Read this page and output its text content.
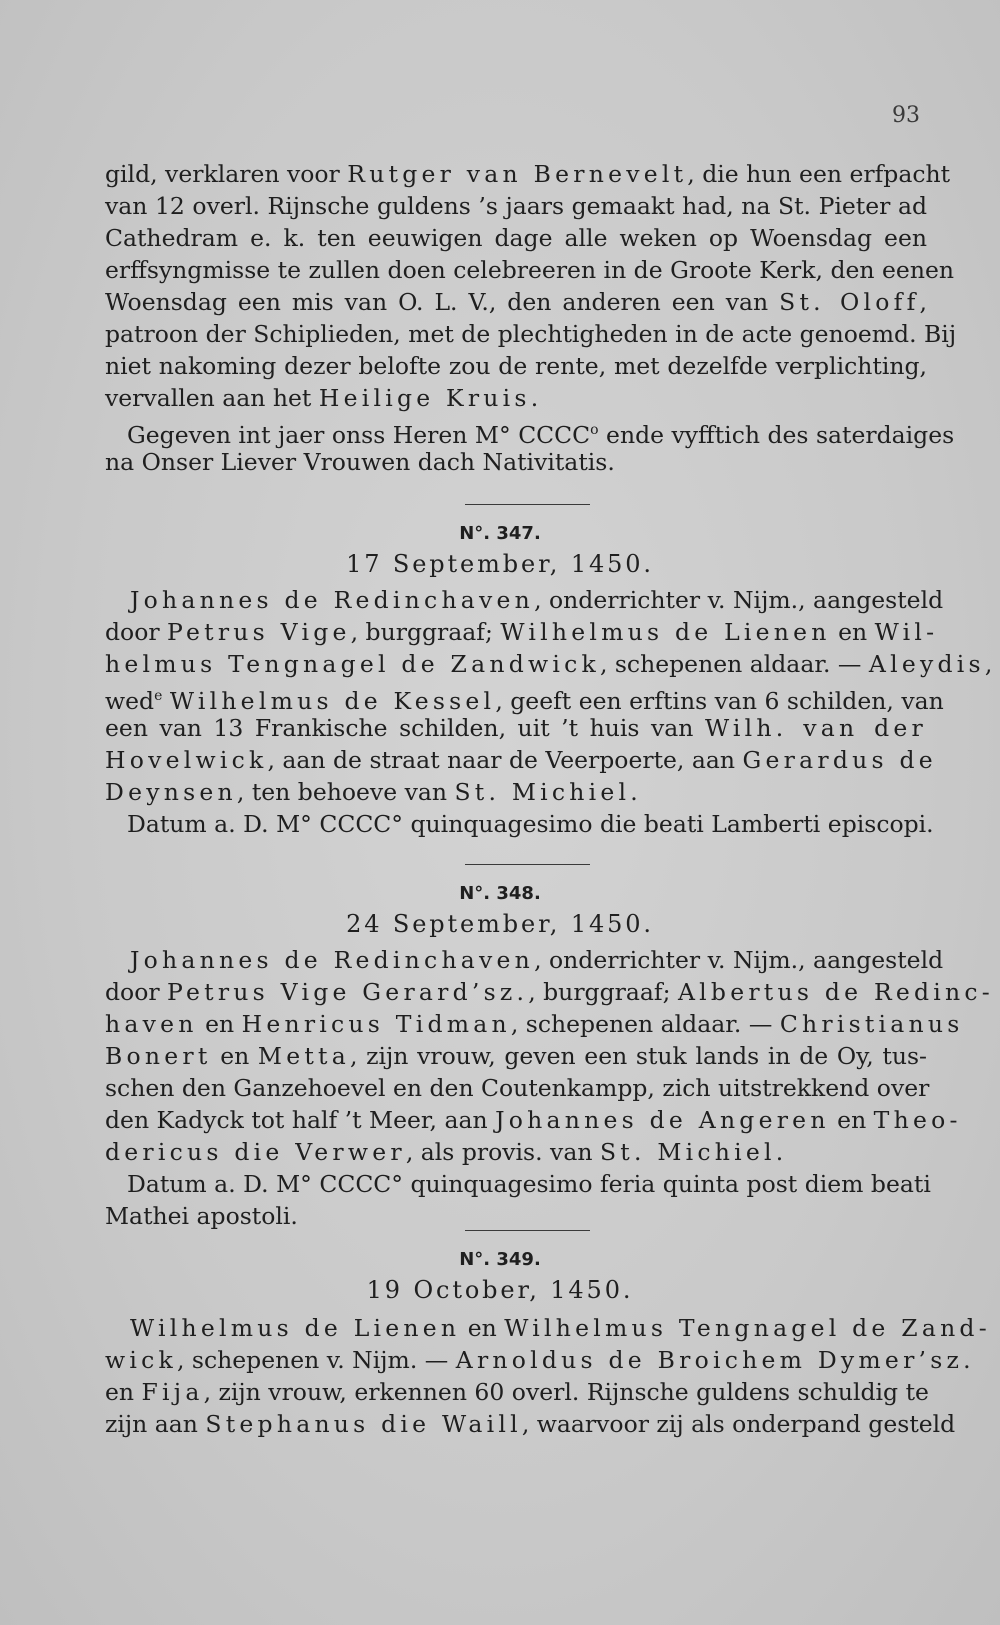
93
gild, verklaren voor Rutger van Bernevelt, die hun een erfpacht
van 12 overl. Rijnsche guldens ’s jaars gemaakt had, na St. Pieter ad
Cathedram e. k. ten eeuwigen dage alle weken op Woensdag een
erffsyngmisse te zullen doen celebreeren in de Groote Kerk, den eenen
Woensdag een mis van O. L. V., den anderen een van St. Oloff,
patroon der Schiplieden, met de plechtigheden in de acte genoemd. Bij
niet nakoming dezer belofte zou de rente, met dezelfde verplichting,
vervallen aan het Heilige Kruis.
Gegeven int jaer onss Heren M° CCCC$^o$ ende vyfftich des saterdaiges
na Onser Liever Vrouwen dach Nativitatis.
N°. 347.
17 September, 1450.
Johannes de Redinchaven, onderrichter v. Nijm., aangesteld
door Petrus Vige, burggraaf; Wilhelmus de Lienen en Wil-
helmus Tengnagel de Zandwick, schepenen aldaar. — Aleydis,
wed$^e$ Wilhelmus de Kessel, geeft een erftins van 6 schilden, van
een van 13 Frankische schilden, uit ’t huis van Wilh. van der
Hovelwick, aan de straat naar de Veerpoerte, aan Gerardus de
Deynsen, ten behoeve van St. Michiel.
Datum a. D. M° CCCC° quinquagesimo die beati Lamberti episcopi.
N°. 348.
24 September, 1450.
Johannes de Redinchaven, onderrichter v. Nijm., aangesteld
door Petrus Vige Gerard’sz., burggraaf; Albertus de Redinc-
haven en Henricus Tidman, schepenen aldaar. — Christianus
Bonert en Metta, zijn vrouw, geven een stuk lands in de Oy, tus-
schen den Ganzehoevel en den Coutenkampp, zich uitstrekkend over
den Kadyck tot half ’t Meer, aan Johannes de Angeren en Theo-
dericus die Verwer, als provis. van St. Michiel.
Datum a. D. M° CCCC° quinquagesimo feria quinta post diem beati
Mathei apostoli.
N°. 349.
19 October, 1450.
Wilhelmus de Lienen en Wilhelmus Tengnagel de Zand-
wick, schepenen v. Nijm. — Arnoldus de Broichem Dymer’sz.
en Fija, zijn vrouw, erkennen 60 overl. Rijnsche guldens schuldig te
zijn aan Stephanus die Waill, waarvoor zij als onderpand gesteld
